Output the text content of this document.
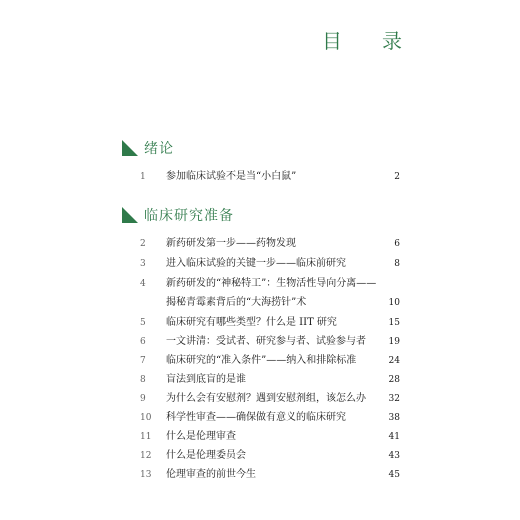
目 录
绪论
1	参加临床试验不是当“小白鼠”	2
临床研究准备
2	新药研发第一步——药物发现	6
3	进入临床试验的关键一步——临床前研究	8
4	新药研发的“神秘特工”：生物活性导向分离——
揭秘青霉素背后的“大海捞针”术	10
5	临床研究有哪些类型？什么是 IIT 研究	15
6	一文讲清：受试者、研究参与者、试验参与者	19
7	临床研究的“准入条件”——纳入和排除标准	24
8	盲法到底盲的是谁	28
9	为什么会有安慰剂？遇到安慰剂组，该怎么办	32
10	科学性审查——确保做有意义的临床研究	38
11	什么是伦理审查	41
12	什么是伦理委员会	43
13	伦理审查的前世今生	45
